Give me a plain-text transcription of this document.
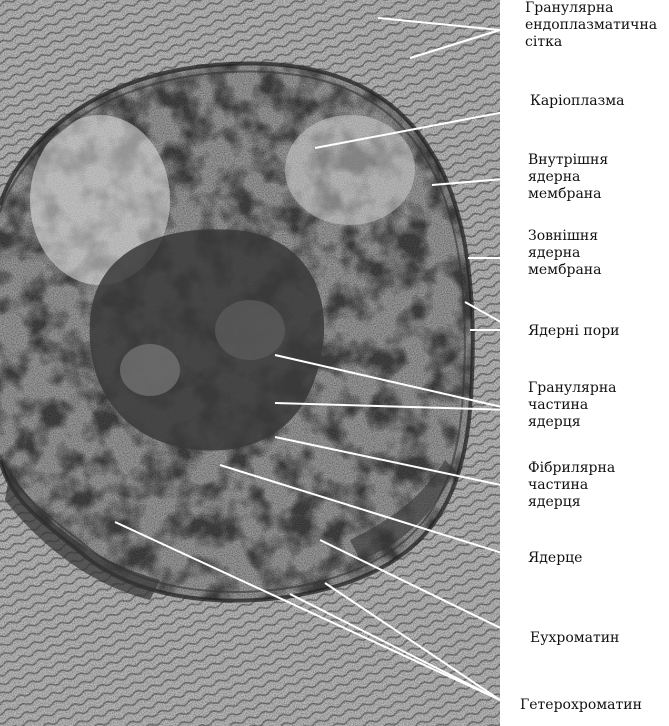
Гранулярна
ендоплазматична
сітка
Каріоплазма
Внутрішня
ядерна
мембрана
Зовнішня
ядерна
мембрана
Ядерні пори
Гранулярна
частина
ядерця
Фібрилярна
частина
ядерця
Ядерце
Еухроматин
Гетерохроматин
